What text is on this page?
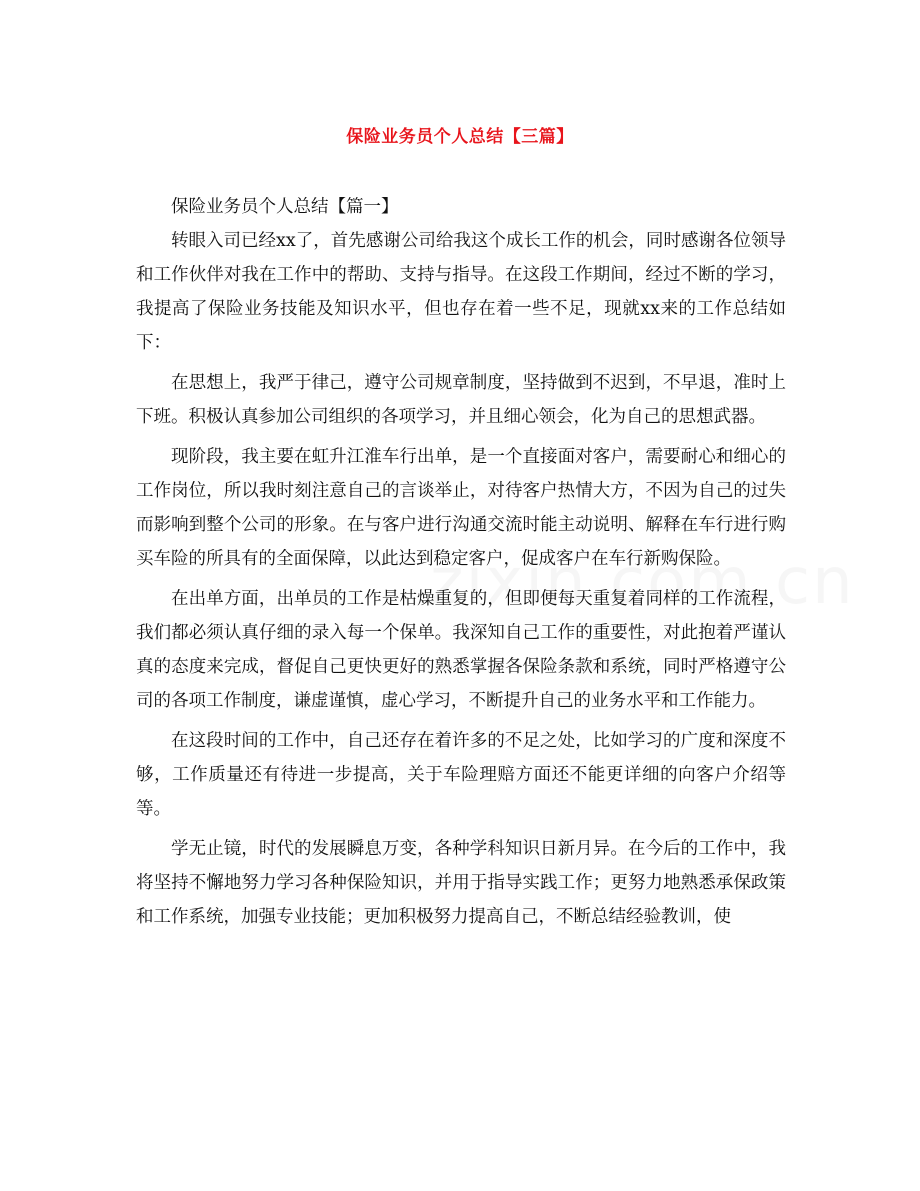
保险业务员个人总结【三篇】

保险业务员个人总结【篇一】

转眼入司已经xx了，首先感谢公司给我这个成长工作的机会，同时感谢各位领导和工作伙伴对我在工作中的帮助、支持与指导。在这段工作期间，经过不断的学习，我提高了保险业务技能及知识水平，但也存在着一些不足，现就xx来的工作总结如下：

在思想上，我严于律己，遵守公司规章制度，坚持做到不迟到，不早退，准时上下班。积极认真参加公司组织的各项学习，并且细心领会，化为自己的思想武器。

现阶段，我主要在虹升江淮车行出单，是一个直接面对客户，需要耐心和细心的工作岗位，所以我时刻注意自己的言谈举止，对待客户热情大方，不因为自己的过失而影响到整个公司的形象。在与客户进行沟通交流时能主动说明、解释在车行进行购买车险的所具有的全面保障，以此达到稳定客户，促成客户在车行新购保险。

在出单方面，出单员的工作是枯燥重复的，但即便每天重复着同样的工作流程，我们都必须认真仔细的录入每一个保单。我深知自己工作的重要性，对此抱着严谨认真的态度来完成，督促自己更快更好的熟悉掌握各保险条款和系统，同时严格遵守公司的各项工作制度，谦虚谨慎，虚心学习，不断提升自己的业务水平和工作能力。

在这段时间的工作中，自己还存在着许多的不足之处，比如学习的广度和深度不够，工作质量还有待进一步提高，关于车险理赔方面还不能更详细的向客户介绍等等。

学无止镜，时代的发展瞬息万变，各种学科知识日新月异。在今后的工作中，我将坚持不懈地努力学习各种保险知识，并用于指导实践工作；更努力地熟悉承保政策和工作系统，加强专业技能；更加积极努力提高自己，不断总结经验教训，使
